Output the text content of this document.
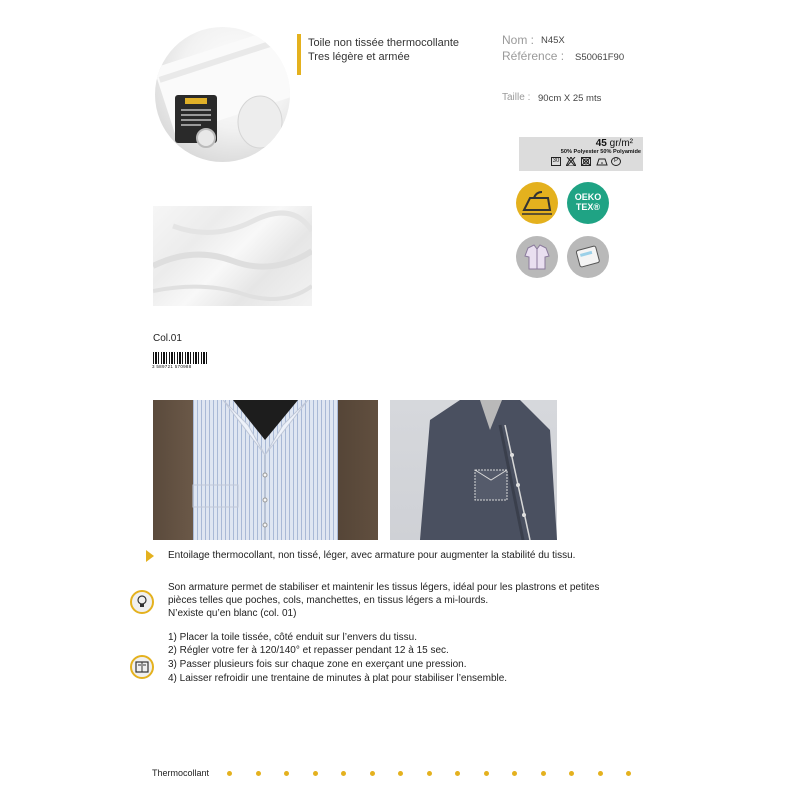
Toile non tissée thermocollante
Tres légère et armée
Nom : N45X
Référence : S50061F90
Taille : 90cm X 25 mts
45 gr/m²
50% Polyester 50% Polyamide
30	P
OEKO
TEX®
Col.01
3 589721 570988
Entoilage thermocollant, non tissé, léger, avec armature pour augmenter la stabilité du tissu.
Son armature permet de stabiliser et maintenir les tissus légers, idéal pour les plastrons et petites
pièces telles que poches, cols, manchettes, en tissus légers a mi-lourds.
N’existe qu’en blanc (col. 01)
1) Placer la toile tissée, côté enduit sur l’envers du tissu.
2) Régler votre fer à 120/140° et repasser pendant 12 à 15 sec.
3) Passer plusieurs fois sur chaque zone en exerçant une pression.
4) Laisser refroidir une trentaine de minutes à plat pour stabiliser l’ensemble.
Thermocollant
